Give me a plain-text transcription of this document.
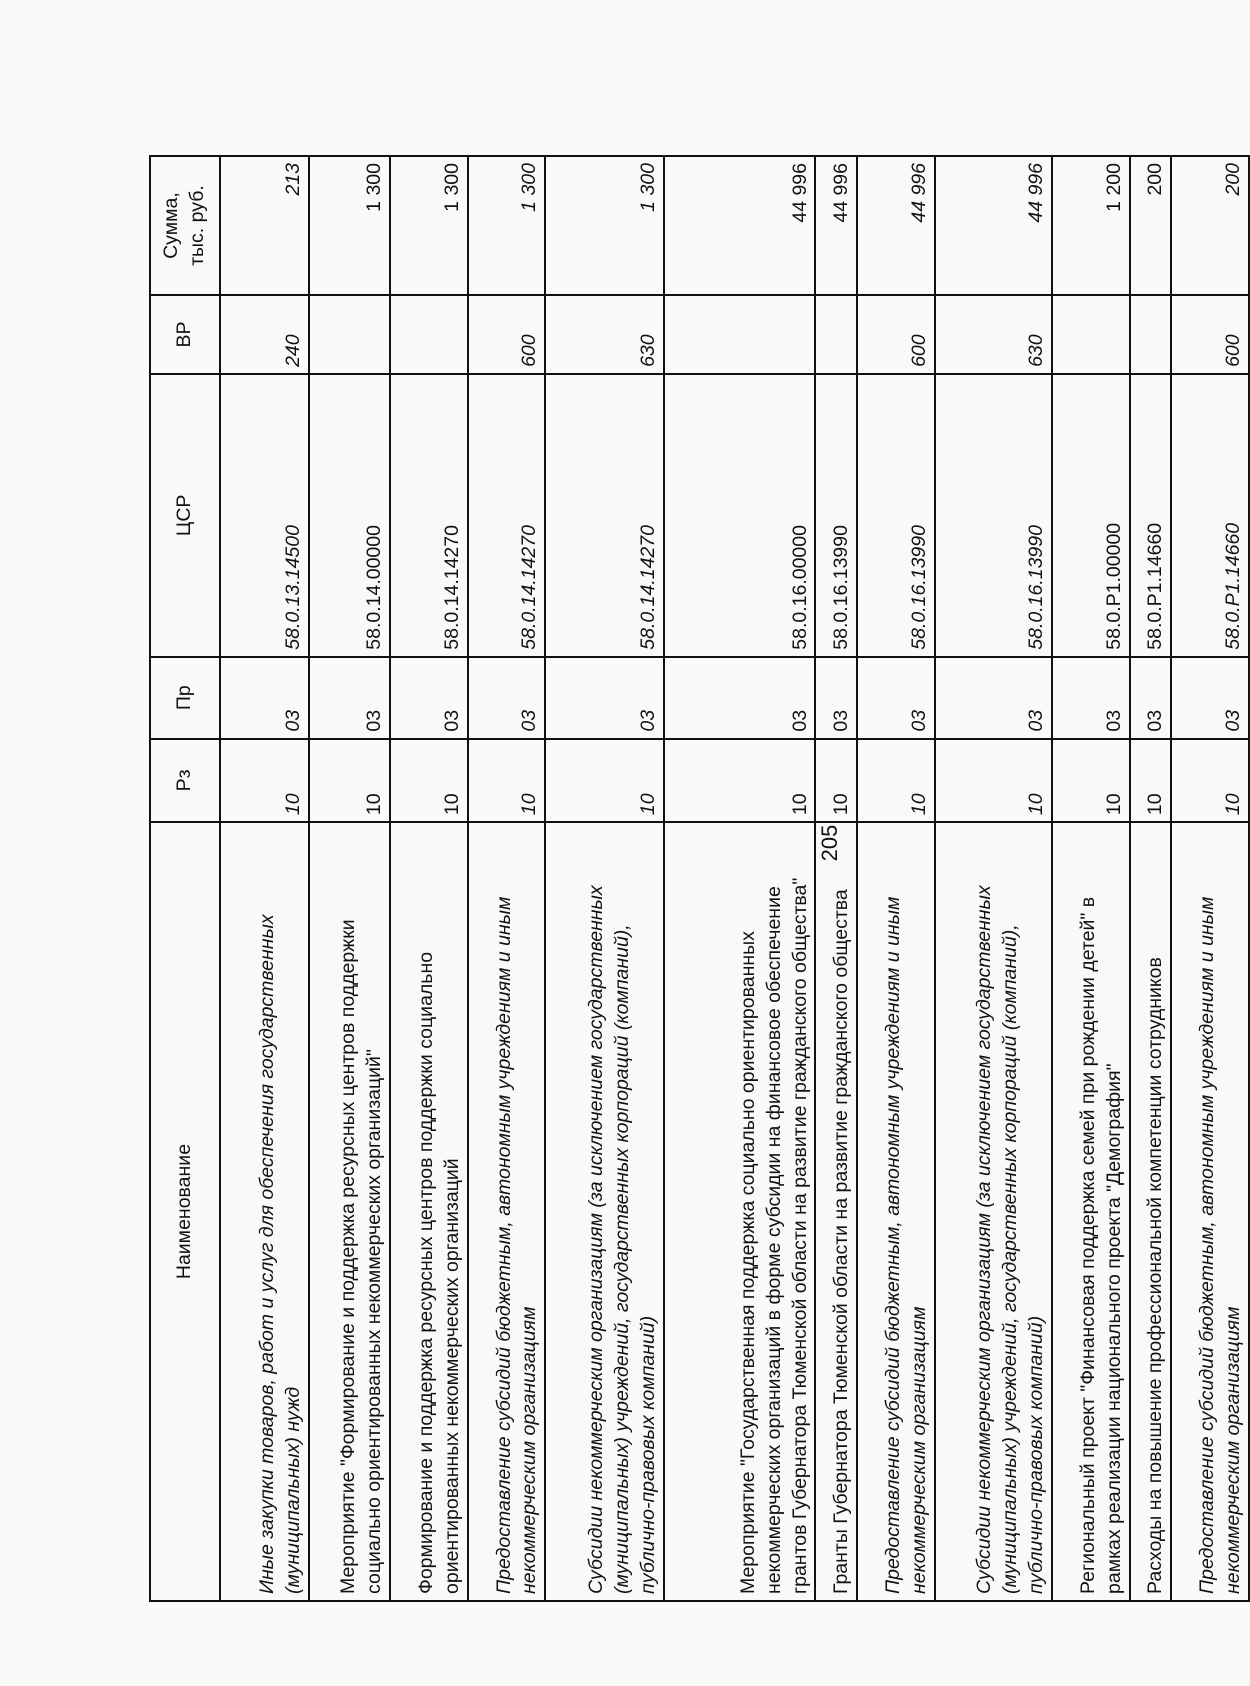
205
Наименование	Рз	Пр	ЦСР	ВР	Сумма, тыс. руб.
Иные закупки товаров, работ и услуг для обеспечения государственных (муниципальных) нужд	10	03	58.0.13.14500	240	213
Мероприятие "Формирование и поддержка ресурсных центров поддержки социально ориентированных некоммерческих организаций"	10	03	58.0.14.00000		1 300
Формирование и поддержка ресурсных центров поддержки социально ориентированных некоммерческих организаций	10	03	58.0.14.14270		1 300
Предоставление субсидий бюджетным, автономным учреждениям и иным некоммерческим организациям	10	03	58.0.14.14270	600	1 300
Субсидии некоммерческим организациям (за исключением государственных (муниципальных) учреждений, государственных корпораций (компаний), публично-правовых компаний)	10	03	58.0.14.14270	630	1 300
Мероприятие "Государственная поддержка социально ориентированных некоммерческих организаций в форме субсидии на финансовое обеспечение грантов Губернатора Тюменской области на развитие гражданского общества"	10	03	58.0.16.00000		44 996
Гранты Губернатора Тюменской области на развитие гражданского общества	10	03	58.0.16.13990		44 996
Предоставление субсидий бюджетным, автономным учреждениям и иным некоммерческим организациям	10	03	58.0.16.13990	600	44 996
Субсидии некоммерческим организациям (за исключением государственных (муниципальных) учреждений, государственных корпораций (компаний), публично-правовых компаний)	10	03	58.0.16.13990	630	44 996
Региональный проект "Финансовая поддержка семей при рождении детей" в рамках реализации национального проекта "Демография"	10	03	58.0.Р1.00000		1 200
Расходы на повышение профессиональной компетенции сотрудников	10	03	58.0.Р1.14660		200
Предоставление субсидий бюджетным, автономным учреждениям и иным некоммерческим организациям	10	03	58.0.Р1.14660	600	200
